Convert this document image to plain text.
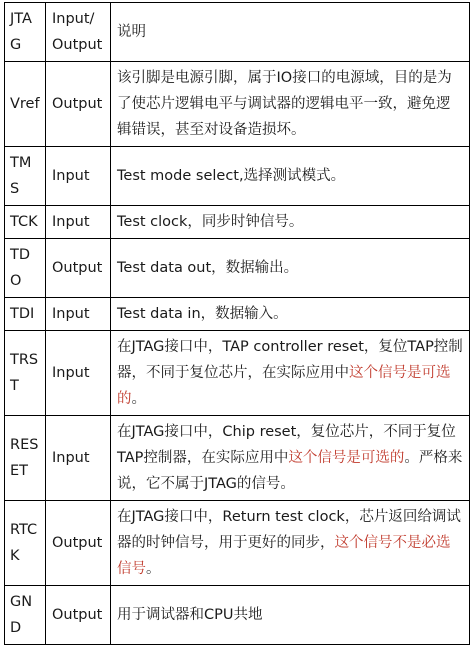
JTAG	Input/Output	说明
Vref	Output	该引脚是电源引脚，属于IO接口的电源域，目的是为了使芯片逻辑电平与调试器的逻辑电平一致，避免逻辑错误，甚至对设备造损坏。
TMS	Input	Test mode select,选择测试模式。
TCK	Input	Test clock，同步时钟信号。
TDO	Output	Test data out，数据输出。
TDI	Input	Test data in，数据输入。
TRST	Input	在JTAG接口中，TAP controller reset，复位TAP控制器，不同于复位芯片，在实际应用中这个信号是可选的。
RESET	Input	在JTAG接口中，Chip reset，复位芯片，不同于复位TAP控制器，在实际应用中这个信号是可选的。严格来说，它不属于JTAG的信号。
RTCK	Output	在JTAG接口中，Return test clock，芯片返回给调试器的时钟信号，用于更好的同步，这个信号不是必选信号。
GND	Output	用于调试器和CPU共地
